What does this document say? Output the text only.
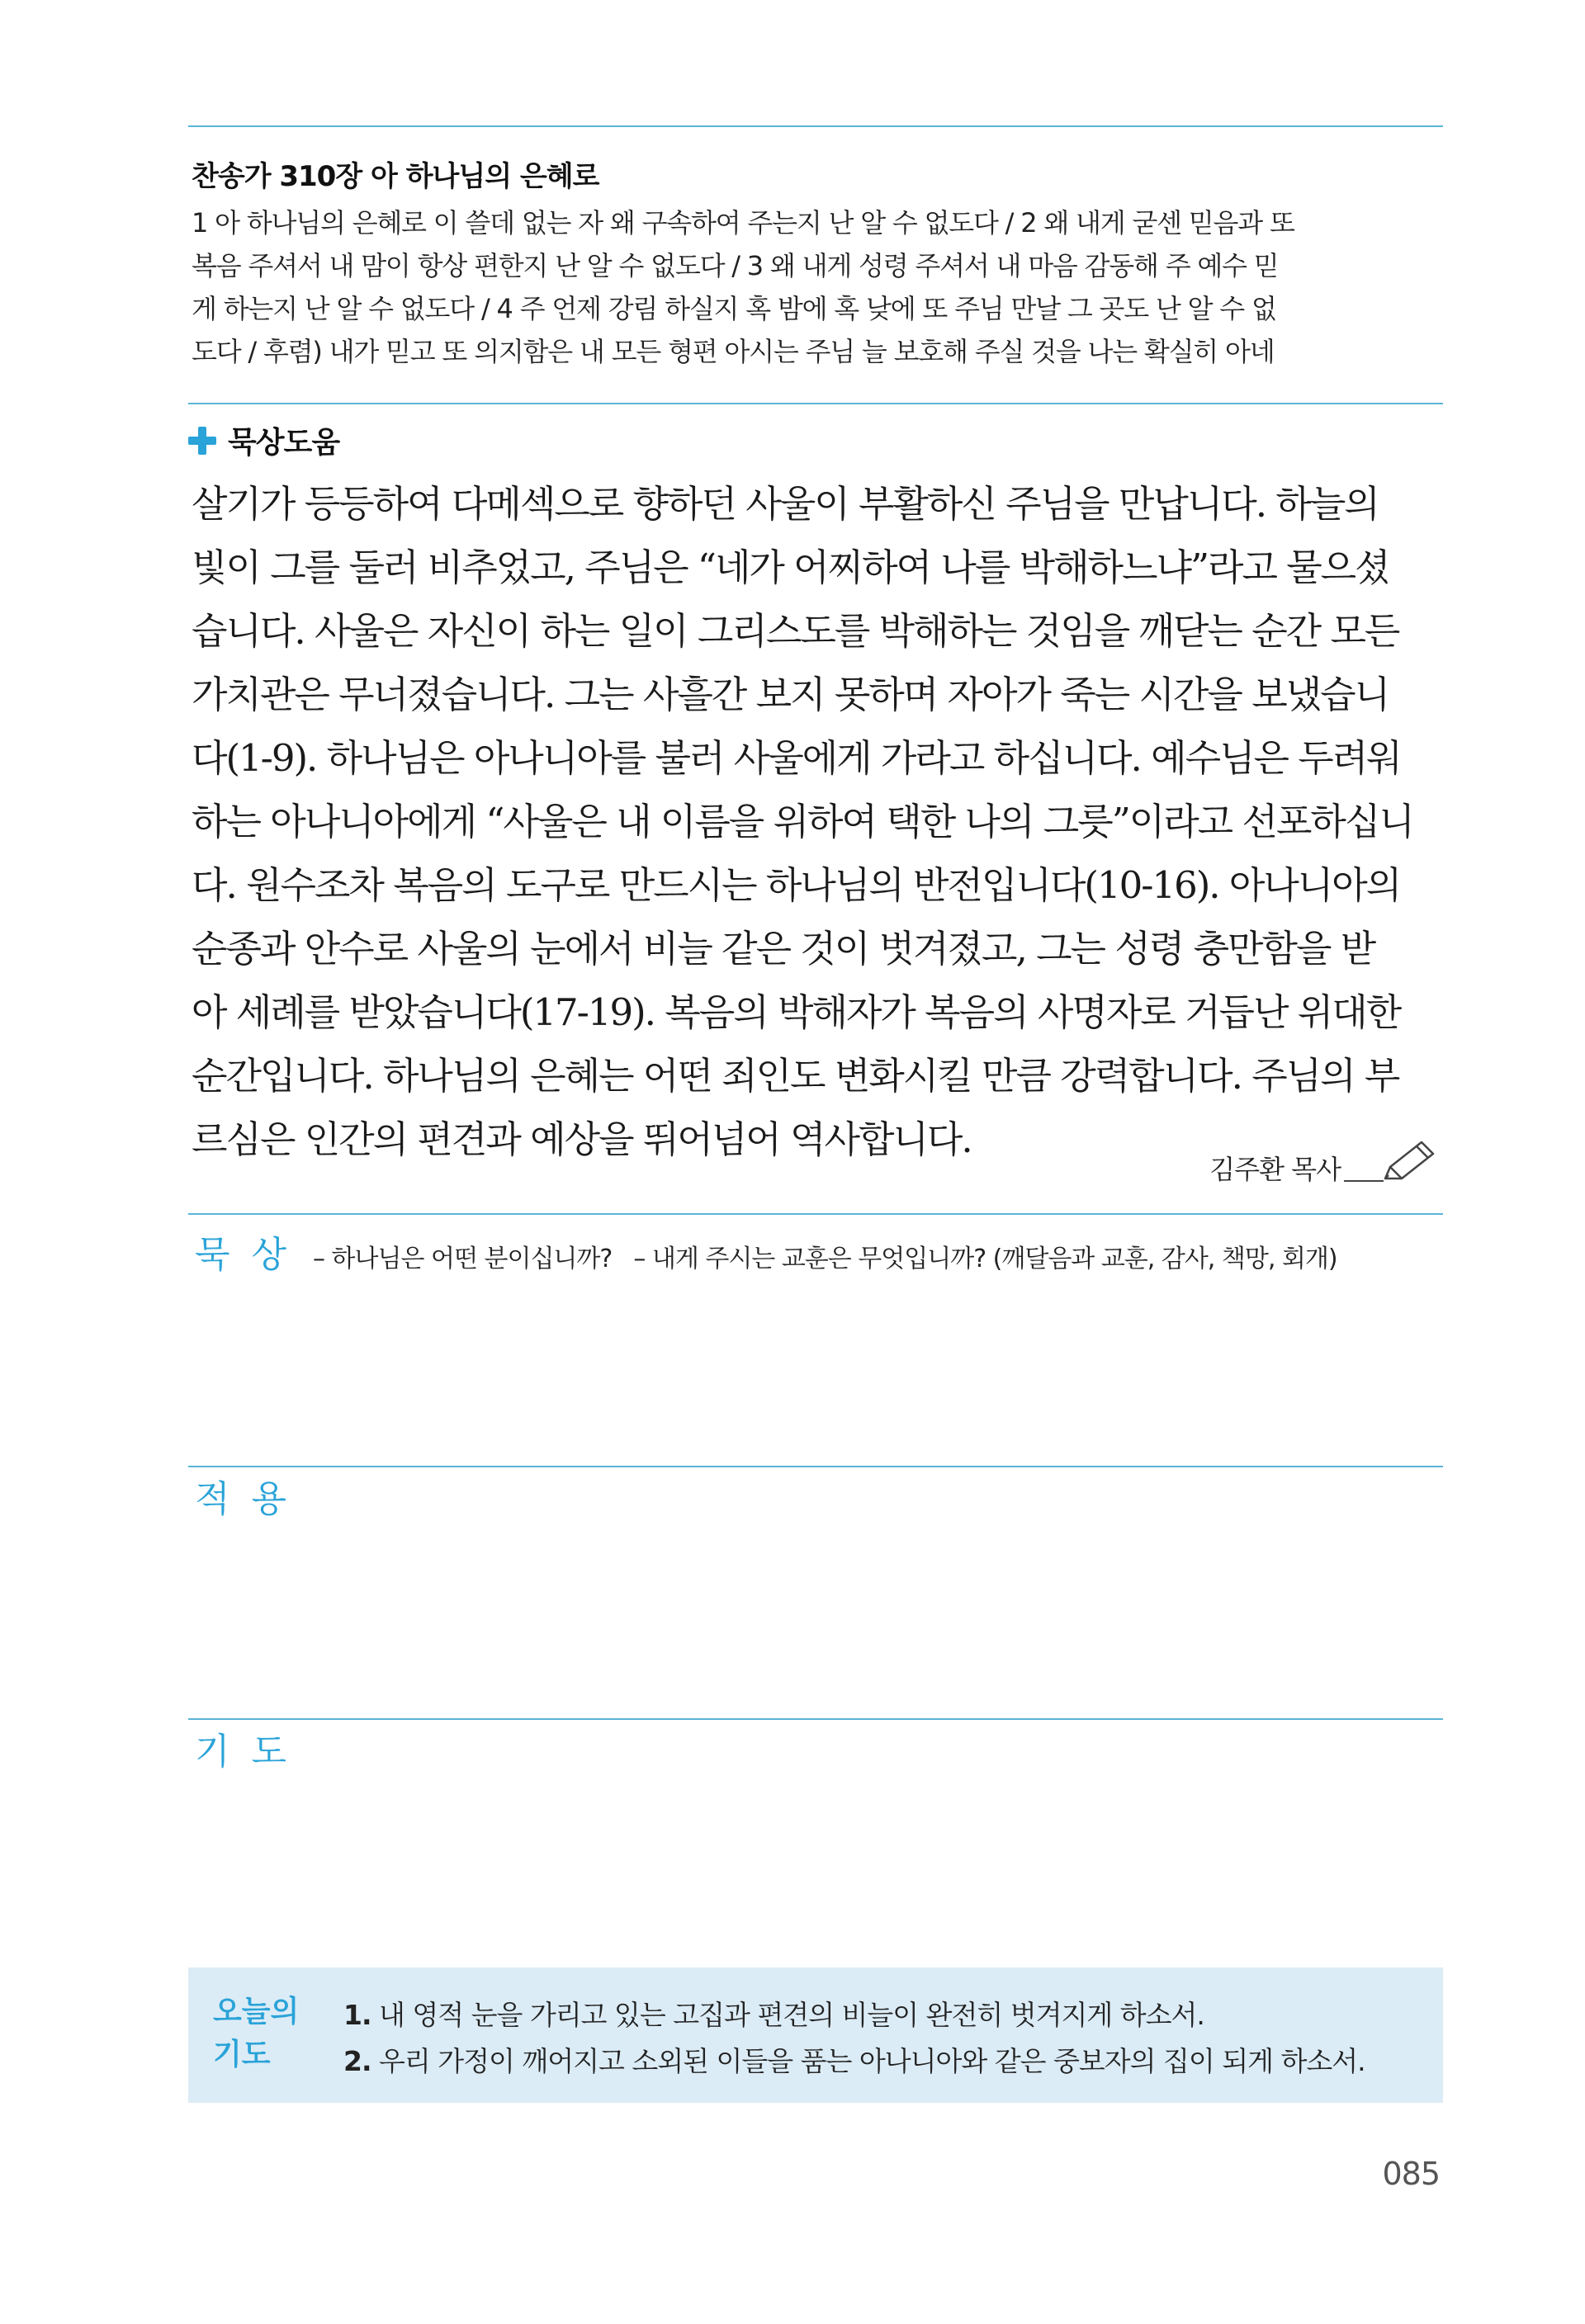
찬송가 310장 아 하나님의 은혜로
1 아 하나님의 은혜로 이 쓸데 없는 자 왜 구속하여 주는지 난 알 수 없도다 / 2 왜 내게 굳센 믿음과 또
복음 주셔서 내 맘이 항상 편한지 난 알 수 없도다 / 3 왜 내게 성령 주셔서 내 마음 감동해 주 예수 믿
게 하는지 난 알 수 없도다 / 4 주 언제 강림 하실지 혹 밤에 혹 낮에 또 주님 만날 그 곳도 난 알 수 없
도다 / 후렴) 내가 믿고 또 의지함은 내 모든 형편 아시는 주님 늘 보호해 주실 것을 나는 확실히 아네
묵상도움
살기가 등등하여 다메섹으로 향하던 사울이 부활하신 주님을 만납니다. 하늘의
빛이 그를 둘러 비추었고, 주님은 “네가 어찌하여 나를 박해하느냐”라고 물으셨
습니다. 사울은 자신이 하는 일이 그리스도를 박해하는 것임을 깨닫는 순간 모든
가치관은 무너졌습니다. 그는 사흘간 보지 못하며 자아가 죽는 시간을 보냈습니
다(1-9). 하나님은 아나니아를 불러 사울에게 가라고 하십니다. 예수님은 두려워
하는 아나니아에게 “사울은 내 이름을 위하여 택한 나의 그릇”이라고 선포하십니
다. 원수조차 복음의 도구로 만드시는 하나님의 반전입니다(10-16). 아나니아의
순종과 안수로 사울의 눈에서 비늘 같은 것이 벗겨졌고, 그는 성령 충만함을 받
아 세례를 받았습니다(17-19). 복음의 박해자가 복음의 사명자로 거듭난 위대한
순간입니다. 하나님의 은혜는 어떤 죄인도 변화시킬 만큼 강력합니다. 주님의 부
르심은 인간의 편견과 예상을 뛰어넘어 역사합니다.
김주환 목사
묵 상 – 하나님은 어떤 분이십니까? – 내게 주시는 교훈은 무엇입니까? (깨달음과 교훈, 감사, 책망, 회개)
적 용
기 도
오늘의
기도
1. 내 영적 눈을 가리고 있는 고집과 편견의 비늘이 완전히 벗겨지게 하소서.
2. 우리 가정이 깨어지고 소외된 이들을 품는 아나니아와 같은 중보자의 집이 되게 하소서.
085
